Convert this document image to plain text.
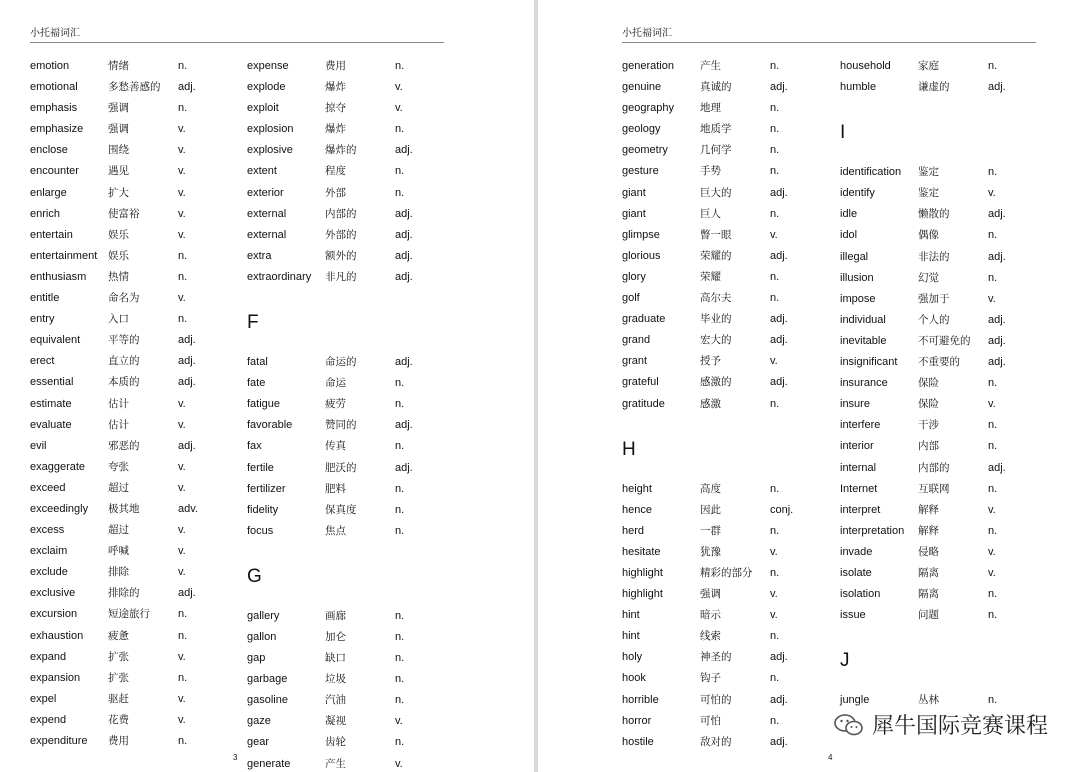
小托福词汇
emotion	情绪	n.
emotional	多愁善感的 adj.
emphasis	强调	n.
emphasize 强调	v.
enclose	围绕	v.
encounter	遇见	v.
enlarge	扩大	v.
enrich	使富裕	v.
entertain	娱乐	v.
entertainment 娱乐	n.
enthusiasm 热情	n.
entitle	命名为	v.
entry	入口	n.
equivalent	平等的	adj.
erect	直立的	adj.
essential	本质的	adj.
estimate	估计	v.
evaluate	估计	v.
evil	邪恶的	adj.
exaggerate 夸张	v.
exceed	超过	v.
exceedingly 极其地	adv.
excess	超过	v.
exclaim	呼喊	v.
exclude	排除	v.
exclusive	排除的	adj.
excursion	短途旅行	n.
exhaustion 疲惫	n.
expand	扩张	v.
expansion	扩张	n.
expel	驱赶	v.
expend	花费	v.
expenditure 费用	n.
expense	费用	n.
explode	爆炸	v.
exploit	掠夺	v.
explosion	爆炸	n.
explosive	爆炸的	adj.
extent	程度	n.
exterior	外部	n.
external	内部的	adj.
external	外部的	adj.
extra	额外的	adj.
extraordinary 非凡的	adj.
F
fatal	命运的	adj.
fate	命运	n.
fatigue	疲劳	n.
favorable	赞同的	adj.
fax	传真	n.
fertile	肥沃的	adj.
fertilizer	肥料	n.
fidelity	保真度	n.
focus	焦点	n.
G
gallery	画廊	n.
gallon	加仑	n.
gap	缺口	n.
garbage	垃圾	n.
gasoline	汽油	n.
gaze	凝视	v.
gear	齿轮	n.
generate	产生	v.
3
小托福词汇
generation 产生	n.
genuine	真诚的	adj.
geography 地理	n.
geology	地质学	n.
geometry	几何学	n.
gesture	手势	n.
giant	巨大的	adj.
giant	巨人	n.
glimpse	瞥一眼	v.
glorious	荣耀的	adj.
glory	荣耀	n.
golf	高尔夫	n.
graduate	毕业的	adj.
grand	宏大的	adj.
grant	授予	v.
grateful	感激的	adj.
gratitude	感激	n.
H
height	高度	n.
hence	因此	conj.
herd	一群	n.
hesitate	犹豫	v.
highlight	精彩的部分 n.
highlight	强调	v.
hint	暗示	v.
hint	线索	n.
holy	神圣的	adj.
hook	钩子	n.
horrible	可怕的	adj.
horror	可怕	n.
hostile	敌对的	adj.
household	家庭	n.
humble	谦虚的	adj.
I
identification 鉴定	n.
identify	鉴定	v.
idle	懒散的	adj.
idol	偶像	n.
illegal	非法的	adj.
illusion	幻觉	n.
impose	强加于	v.
individual	个人的	adj.
inevitable	不可避免的 adj.
insignificant 不重要的	adj.
insurance	保险	n.
insure	保险	v.
interfere	干涉	n.
interior	内部	n.
internal	内部的	adj.
Internet	互联网	n.
interpret	解释	v.
interpretation 解释	n.
invade	侵略	v.
isolate	隔离	v.
isolation	隔离	n.
issue	问题	n.
J
jungle	丛林	n.
4
犀牛国际竞赛课程
